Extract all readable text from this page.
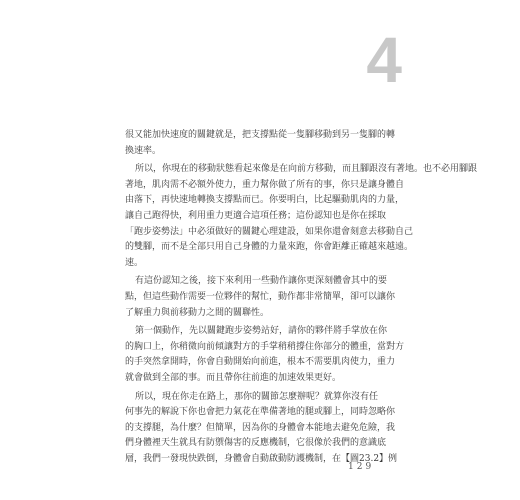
4
很又能加快速度的關鍵就是，把支撐點從一隻腳移動到另一隻腳的轉
換速率。
所以，你現在的移動狀態看起來像是在向前方移動，而且腳跟沒有著地。也不必用腳跟
著地，肌肉需不必額外使力，重力幫你做了所有的事，你只是讓身體自
由落下，再快速地轉換支撐點而已。你要明白，比起驅動肌肉的力量，
讓自己跑得快，利用重力更適合這項任務；這份認知也是你在採取
「跑步姿勢法」中必須做好的關鍵心理建設，如果你還會刻意去移動自己
的雙腳，而不是全部只用自己身體的力量來跑，你會距離正確越來越遠。
速。
有這份認知之後，接下來利用一些動作讓你更深刻體會其中的要
點，但這些動作需要一位夥伴的幫忙，動作都非常簡單，卻可以讓你
了解重力與前移動力之間的關聯性。
第一個動作，先以關鍵跑步姿勢站好，請你的夥伴將手掌放在你
的胸口上，你稍微向前傾讓對方的手掌稍稍撐住你部分的體重，當對方
的手突然拿開時，你會自動開始向前進，根本不需要肌肉使力，重力
就會做到全部的事。而且帶你往前進的加速效果更好。
所以，現在你走在路上，那你的關節怎麼辦呢？就算你沒有任
何事先的解說下你也會把力氣花在準備著地的腿或腳上，同時忽略你
的支撐腿，為什麼？但簡單，因為你的身體會本能地去避免危險，我
們身體裡天生就具有防禦傷害的反應機制，它很像於我們的意識底
層，我們一發現快跌倒，身體會自動啟動防護機制，在【圖23.2】例
129
